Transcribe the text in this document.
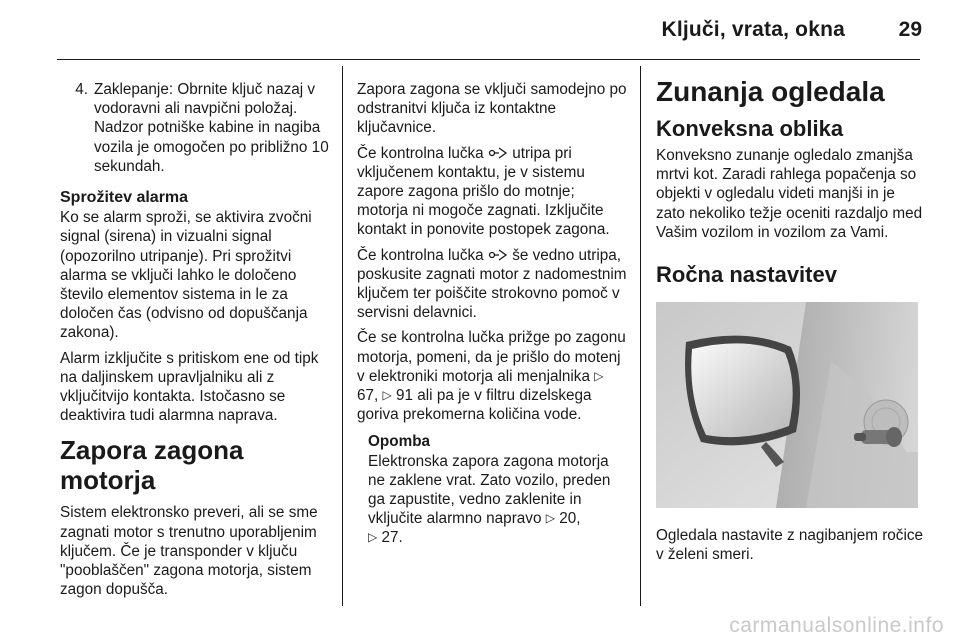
Ključi, vrata, okna	29
4. Zaklepanje: Obrnite ključ nazaj v vodoravni ali navpični položaj. Nadzor potniške kabine in nagiba vozila je omogočen po približno 10 sekundah.
Sprožitev alarma

Ko se alarm sproži, se aktivira zvočni signal (sirena) in vizualni signal (opozorilno utripanje). Pri sprožitvi alarma se vključi lahko le določeno število elementov sistema in le za določen čas (odvisno od dopuščanja zakona).

Alarm izključite s pritiskom ene od tipk na daljinskem upravljalniku ali z vključitvijo kontakta. Istočasno se deaktivira tudi alarmna naprava.

Zapora zagona motorja

Sistem elektronsko preveri, ali se sme zagnati motor s trenutno uporabljenim ključem. Če je transponder v ključu "pooblaščen" zagona motorja, sistem zagon dopušča.

Zapora zagona se vključi samodejno po odstranitvi ključa iz kontaktne ključavnice.

Če kontrolna lučka utripa pri vključenem kontaktu, je v sistemu zapore zagona prišlo do motnje; motorja ni mogoče zagnati. Izključite kontakt in ponovite postopek zagona.

Če kontrolna lučka še vedno utripa, poskusite zagnati motor z nadomestnim ključem ter poiščite strokovno pomoč v servisni delavnici.

Če se kontrolna lučka prižge po zagonu motorja, pomeni, da je prišlo do motenj v elektroniki motorja ali menjalnika ▷ 67, ▷ 91 ali pa je v filtru dizelskega goriva prekomerna količina vode.

Opomba
Elektronska zapora zagona motorja ne zaklene vrat. Zato vozilo, preden ga zapustite, vedno zaklenite in vključite alarmno napravo ▷ 20,
▷ 27.
Zunanja ogledala
Konveksna oblika

Konveksno zunanje ogledalo zmanjša mrtvi kot. Zaradi rahlega popačenja so objekti v ogledalu videti manjši in je zato nekoliko težje oceniti razdaljo med Vašim vozilom in vozilom za Vami.

Ročna nastavitev

Ogledala nastavite z nagibanjem ročice v želeni smeri.

carmanualsonline.info
